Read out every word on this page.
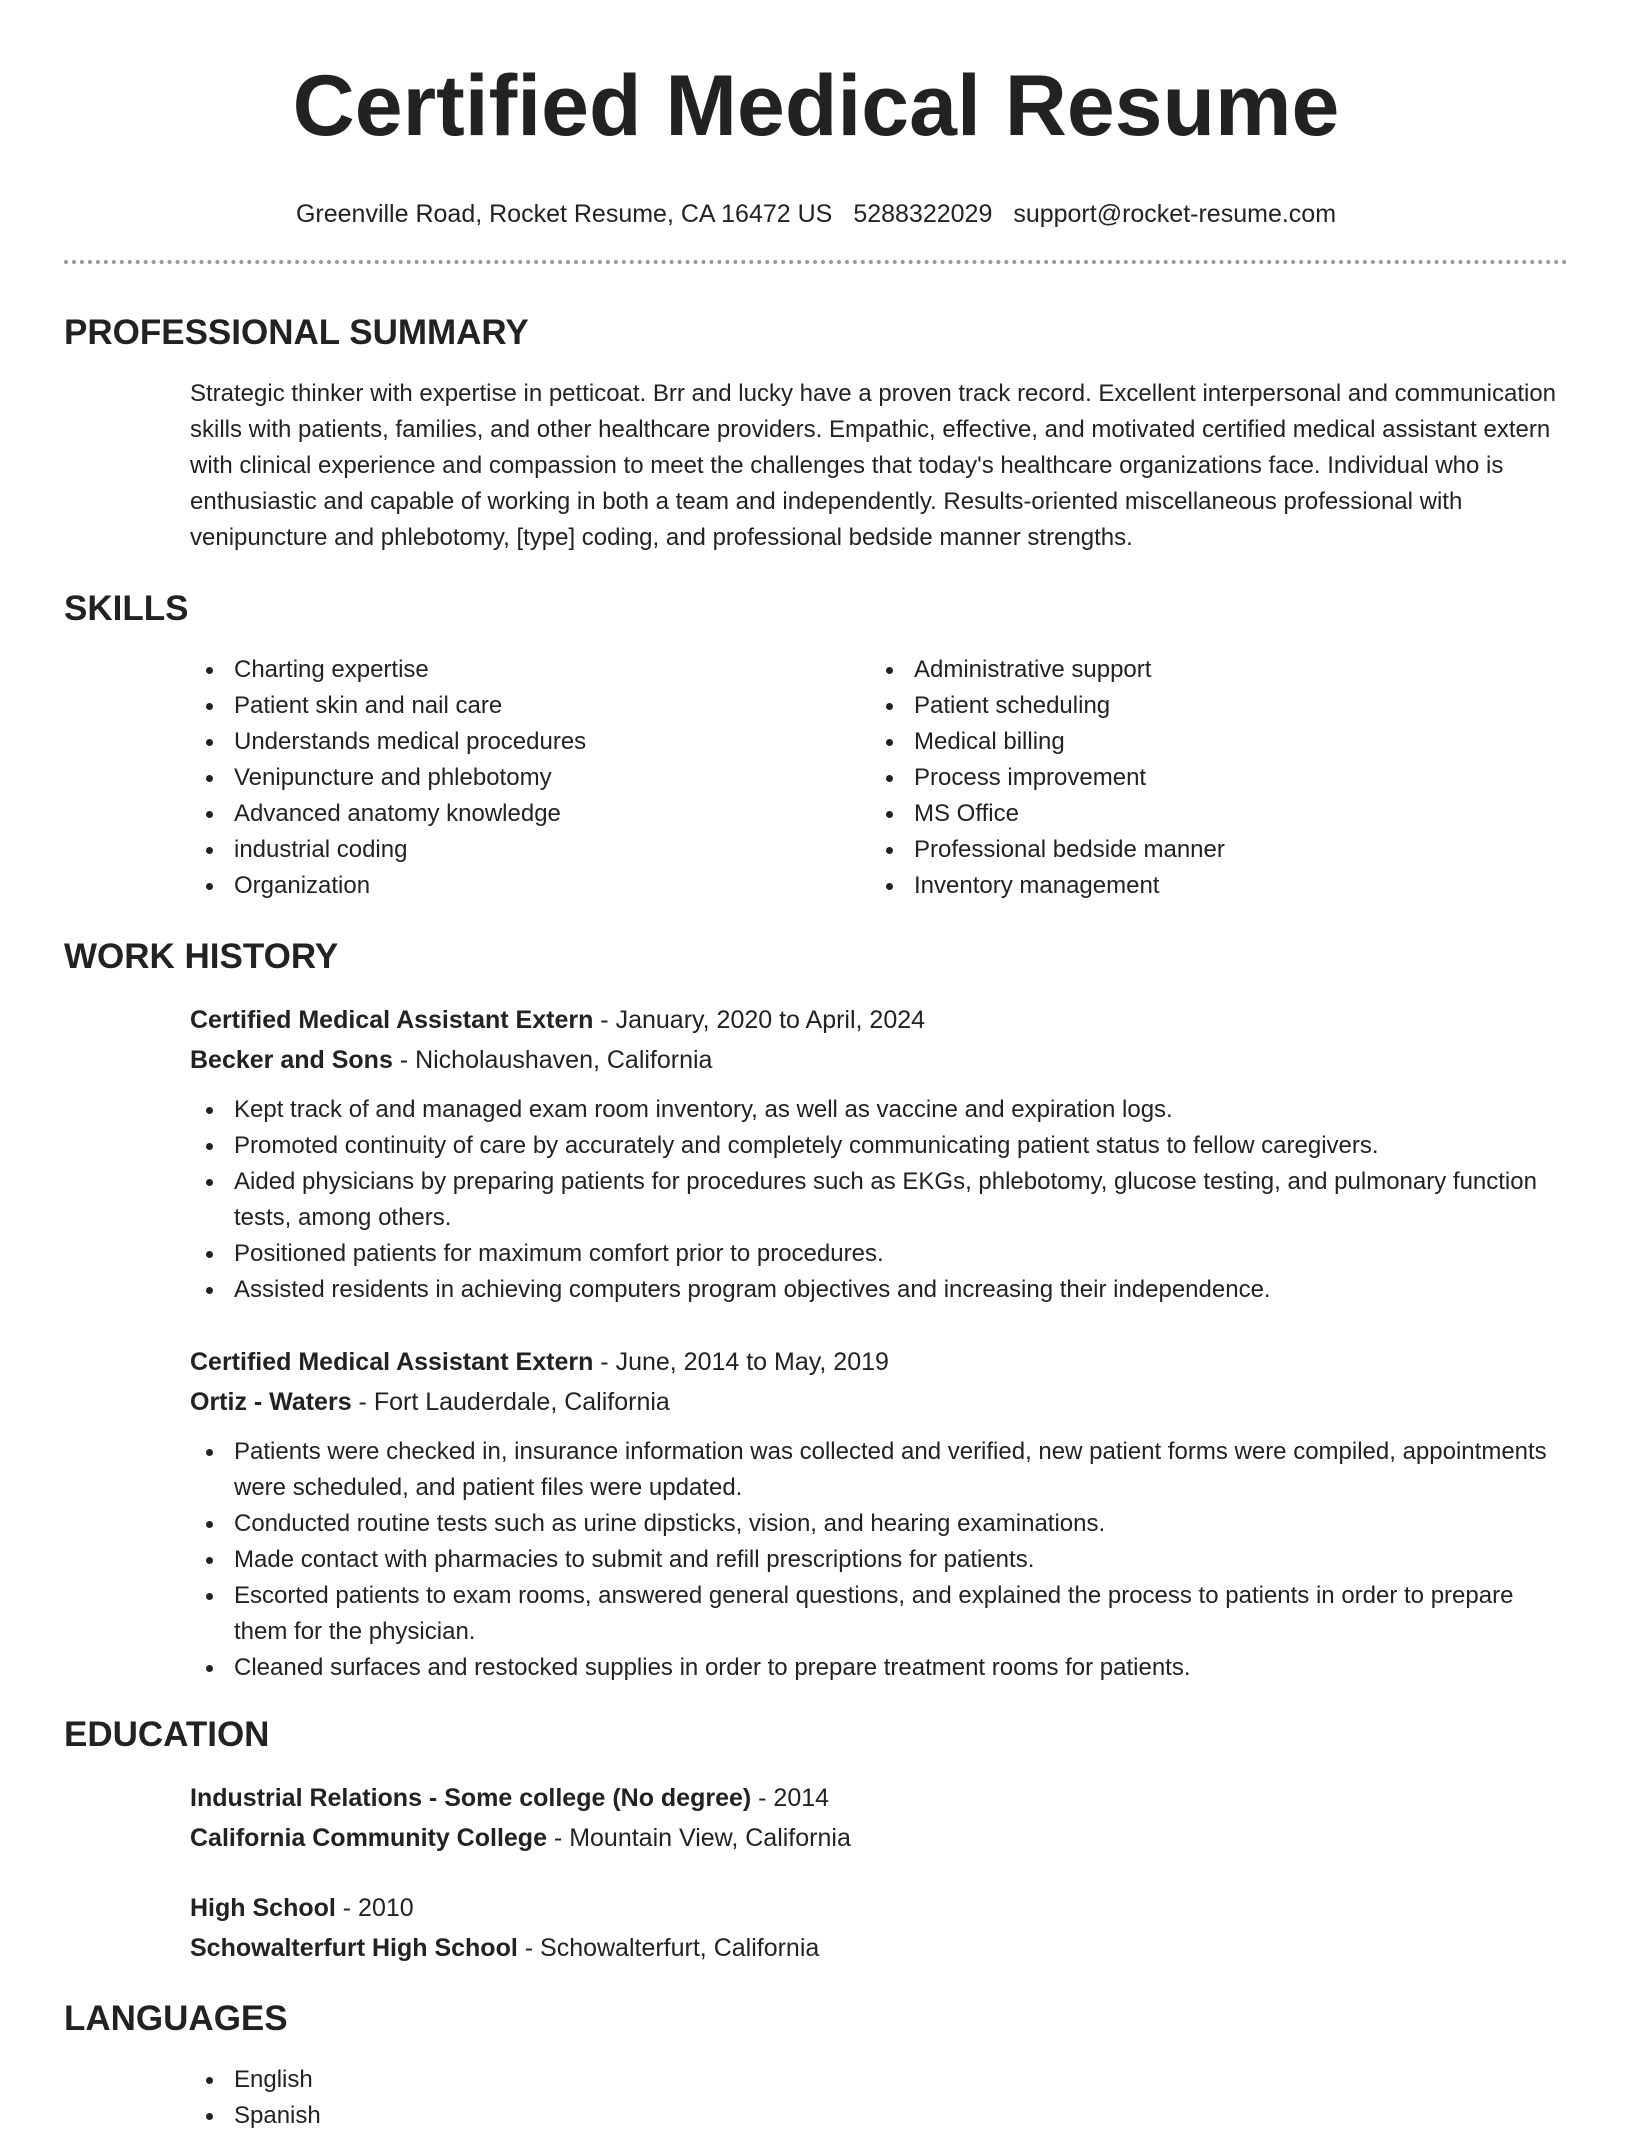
Certified Medical Resume
Greenville Road, Rocket Resume, CA 16472 US 5288322029 support@rocket-resume.com
PROFESSIONAL SUMMARY

Strategic thinker with expertise in petticoat. Brr and lucky have a proven track record. Excellent interpersonal and communication skills with patients, families, and other healthcare providers. Empathic, effective, and motivated certified medical assistant extern with clinical experience and compassion to meet the challenges that today's healthcare organizations face. Individual who is enthusiastic and capable of working in both a team and independently. Results-oriented miscellaneous professional with venipuncture and phlebotomy, [type] coding, and professional bedside manner strengths.

SKILLS
Charting expertise
Patient skin and nail care
Understands medical procedures
Venipuncture and phlebotomy
Advanced anatomy knowledge
industrial coding
Organization
Administrative support
Patient scheduling
Medical billing
Process improvement
MS Office
Professional bedside manner
Inventory management
WORK HISTORY
Certified Medical Assistant Extern - January, 2020 to April, 2024
Becker and Sons - Nicholaushaven, California
Kept track of and managed exam room inventory, as well as vaccine and expiration logs.
Promoted continuity of care by accurately and completely communicating patient status to fellow caregivers.
Aided physicians by preparing patients for procedures such as EKGs, phlebotomy, glucose testing, and pulmonary function tests, among others.
Positioned patients for maximum comfort prior to procedures.
Assisted residents in achieving computers program objectives and increasing their independence.
Certified Medical Assistant Extern - June, 2014 to May, 2019
Ortiz - Waters - Fort Lauderdale, California
Patients were checked in, insurance information was collected and verified, new patient forms were compiled, appointments were scheduled, and patient files were updated.
Conducted routine tests such as urine dipsticks, vision, and hearing examinations.
Made contact with pharmacies to submit and refill prescriptions for patients.
Escorted patients to exam rooms, answered general questions, and explained the process to patients in order to prepare them for the physician.
Cleaned surfaces and restocked supplies in order to prepare treatment rooms for patients.
EDUCATION
Industrial Relations - Some college (No degree) - 2014
California Community College - Mountain View, California
High School - 2010
Schowalterfurt High School - Schowalterfurt, California
LANGUAGES
English
Spanish
